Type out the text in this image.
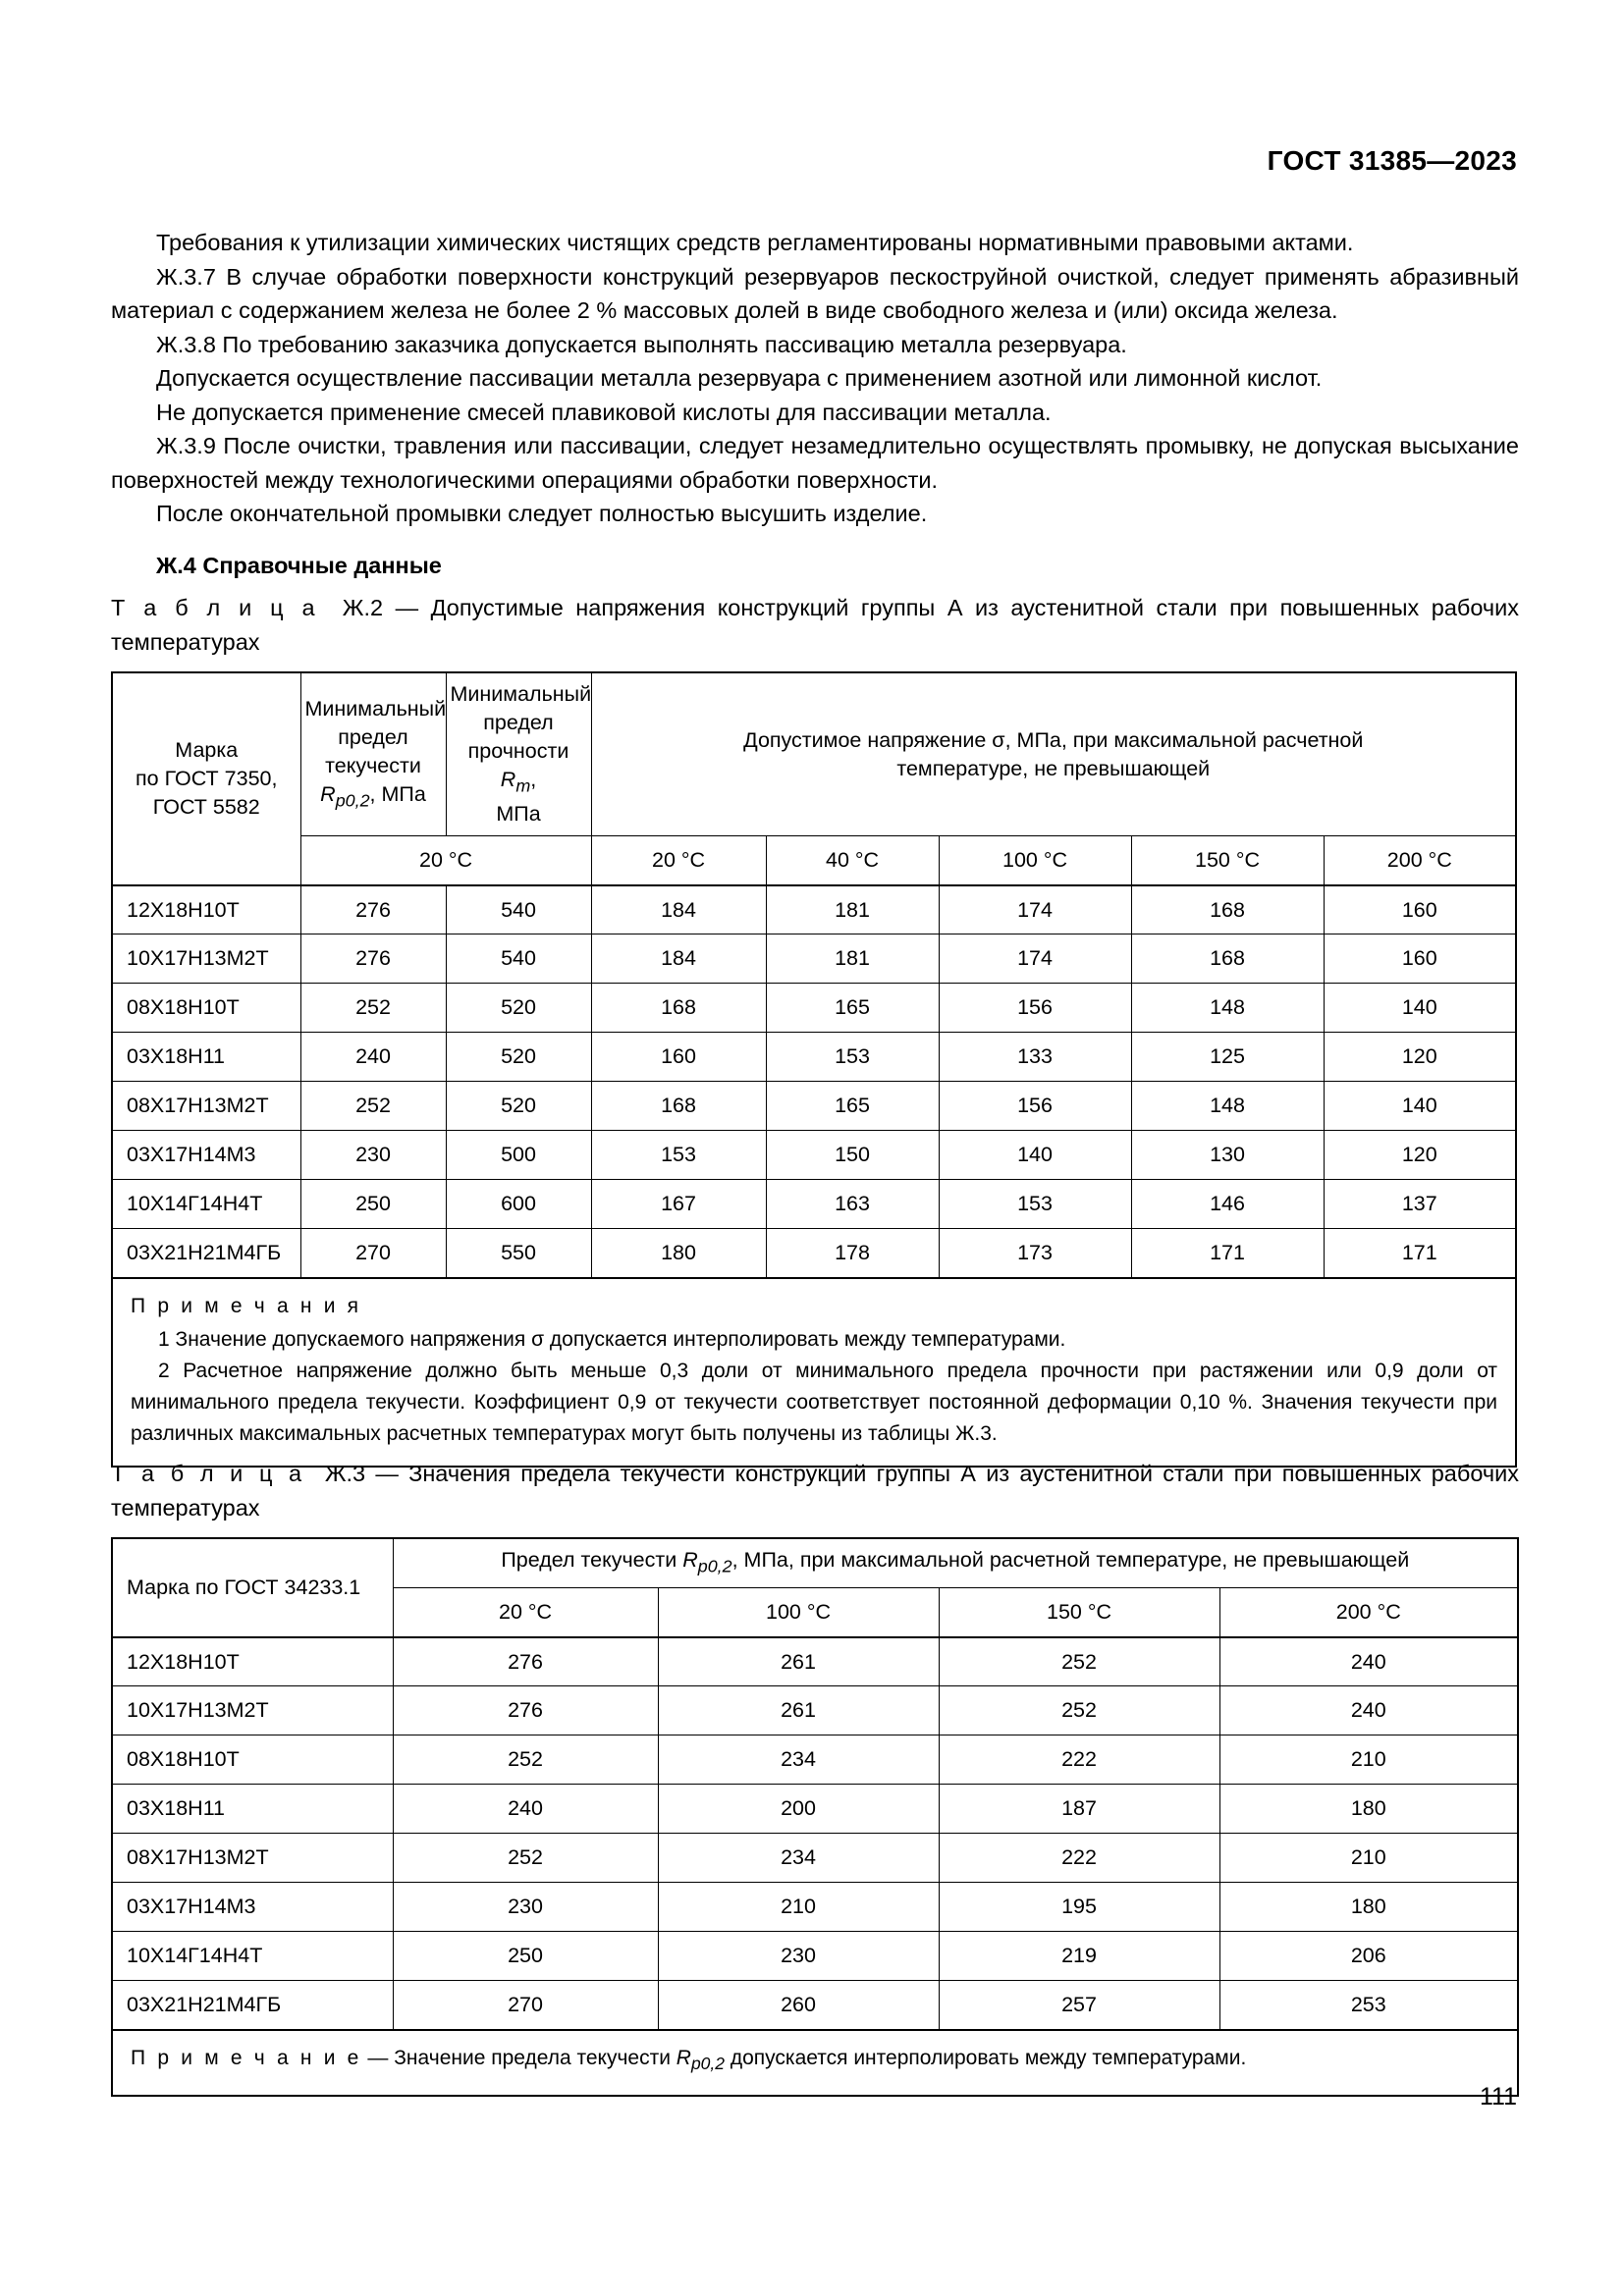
ГОСТ 31385—2023

Требования к утилизации химических чистящих средств регламентированы нормативными правовыми актами.

Ж.3.7 В случае обработки поверхности конструкций резервуаров пескоструйной очисткой, следует применять абразивный материал с содержанием железа не более 2 % массовых долей в виде свободного железа и (или) оксида железа.

Ж.3.8 По требованию заказчика допускается выполнять пассивацию металла резервуара.

Допускается осуществление пассивации металла резервуара с применением азотной или лимонной кислот.

Не допускается применение смесей плавиковой кислоты для пассивации металла.

Ж.3.9 После очистки, травления или пассивации, следует незамедлительно осуществлять промывку, не допуская высыхание поверхностей между технологическими операциями обработки поверхности.

После окончательной промывки следует полностью высушить изделие.

Ж.4 Справочные данные

Т а б л и ц а Ж.2 — Допустимые напряжения конструкций группы А из аустенитной стали при повышенных рабочих температурах

Марка
по ГОСТ 7350,
ГОСТ 5582	Минимальный
предел
текучести
$R_{p0,2}$, МПа	Минимальный
предел
прочности $R_m$,
МПа	Допустимое напряжение σ, МПа, при максимальной расчетной
температуре, не превышающей				
	20 °C		20 °C	40 °C	100 °C	150 °C	200 °C
12Х18Н10Т	276	540	184	181	174	168	160
10Х17Н13М2Т	276	540	184	181	174	168	160
08Х18Н10Т	252	520	168	165	156	148	140
03Х18Н11	240	520	160	153	133	125	120
08Х17Н13М2Т	252	520	168	165	156	148	140
03Х17Н14М3	230	500	153	150	140	130	120
10Х14Г14Н4Т	250	600	167	163	153	146	137
03Х21Н21М4ГБ	270	550	180	178	173	171	171

П р и м е ч а н и я
1 Значение допускаемого напряжения σ допускается интерполировать между температурами.
2 Расчетное напряжение должно быть меньше 0,3 доли от минимального предела прочности при растяжении или 0,9 доли от минимального предела текучести. Коэффициент 0,9 от текучести соответствует постоянной деформации 0,10 %. Значения текучести при различных максимальных расчетных температурах могут быть получены из таблицы Ж.3.							

Т а б л и ц а Ж.3 — Значения предела текучести конструкций группы А из аустенитной стали при повышенных рабочих температурах

Марка по ГОСТ 34233.1	Предел текучести $R_{p0,2}$, МПа, при максимальной расчетной температуре, не превышающей			
	20 °C	100 °C	150 °C	200 °C
12Х18Н10Т	276	261	252	240
10Х17Н13М2Т	276	261	252	240
08Х18Н10Т	252	234	222	210
03Х18Н11	240	200	187	180
08Х17Н13М2Т	252	234	222	210
03Х17Н14М3	230	210	195	180
10Х14Г14Н4Т	250	230	219	206
03Х21Н21М4ГБ	270	260	257	253
П р и м е ч а н и е — Значение предела текучести $R_{p0,2}$ допускается интерполировать между температурами.				
111
